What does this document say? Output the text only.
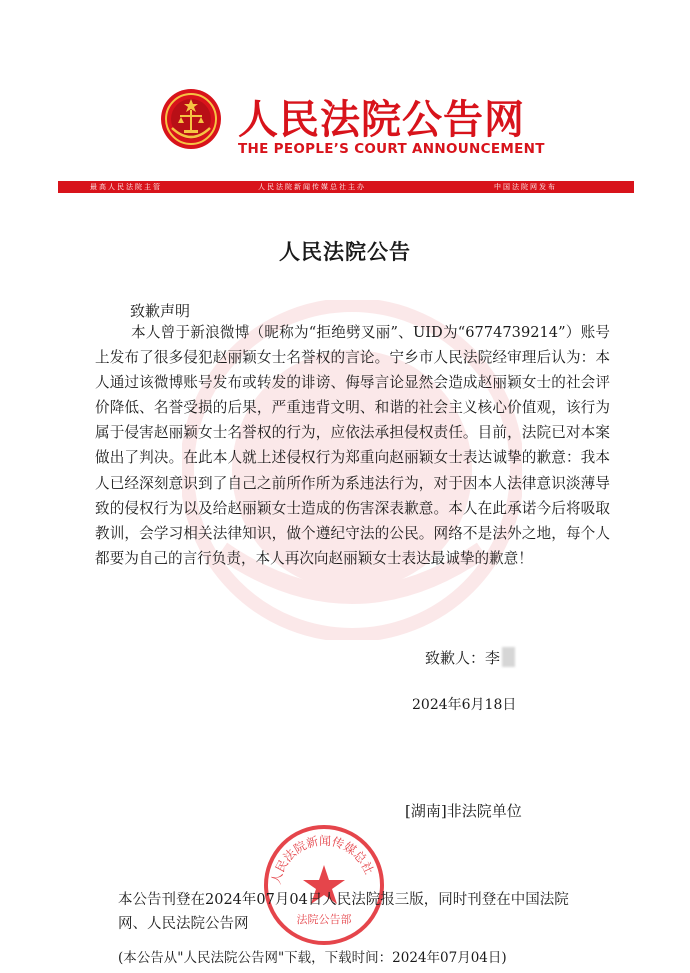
人民法院公告网
THE PEOPLE’S COURT ANNOUNCEMENT
最高人民法院主管	人民法院新闻传媒总社主办	中国法院网发布
人民法院公告
致歉声明
本人曾于新浪微博（昵称为“拒绝劈叉丽”、UID为“6774739214”）账号上发布了很多侵犯赵丽颖女士名誉权的言论。宁乡市人民法院经审理后认为：本人通过该微博账号发布或转发的诽谤、侮辱言论显然会造成赵丽颖女士的社会评价降低、名誉受损的后果，严重违背文明、和谐的社会主义核心价值观，该行为属于侵害赵丽颖女士名誉权的行为，应依法承担侵权责任。目前，法院已对本案做出了判决。在此本人就上述侵权行为郑重向赵丽颖女士表达诚挚的歉意：我本人已经深刻意识到了自己之前所作所为系违法行为，对于因本人法律意识淡薄导致的侵权行为以及给赵丽颖女士造成的伤害深表歉意。本人在此承诺今后将吸取教训，会学习相关法律知识，做个遵纪守法的公民。网络不是法外之地，每个人都要为自己的言行负责，本人再次向赵丽颖女士表达最诚挚的歉意！
致歉人：李
2024年6月18日
[湖南]非法院单位
人民法院新闻传媒总社
法院公告部
本公告刊登在2024年07月04日人民法院报三版，同时刊登在中国法院网、人民法院公告网
(本公告从"人民法院公告网"下载，下载时间：2024年07月04日)
